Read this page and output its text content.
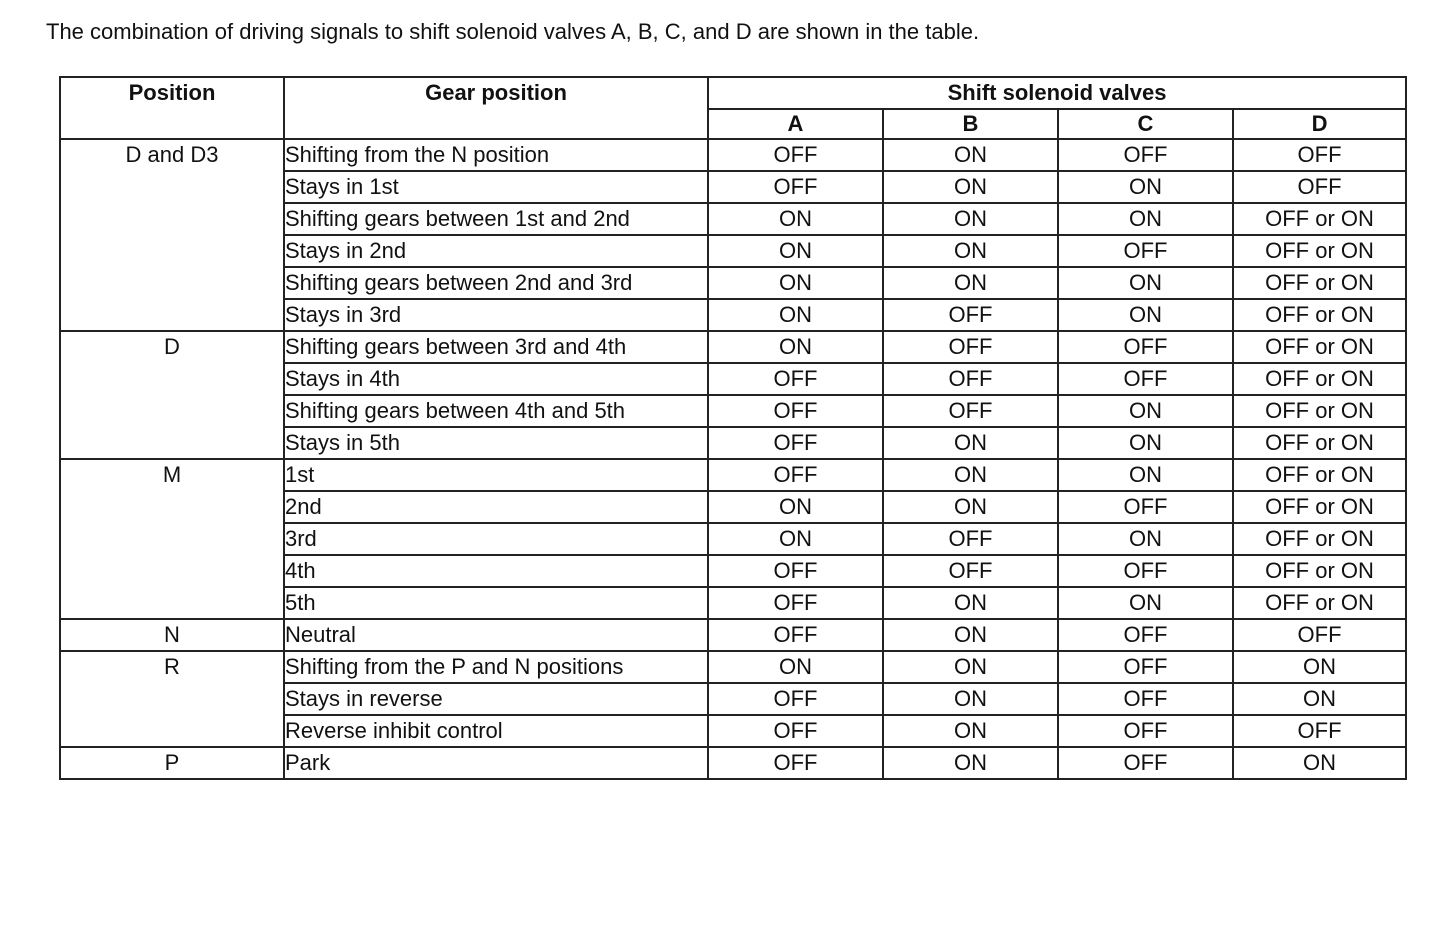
The combination of driving signals to shift solenoid valves A, B, C, and D are shown in the table.
Position	Gear position	Shift solenoid valves			
		A	B	C	D
D and D3	Shifting from the N position	OFF	ON	OFF	OFF
	Stays in 1st	OFF	ON	ON	OFF
	Shifting gears between 1st and 2nd	ON	ON	ON	OFF or ON
	Stays in 2nd	ON	ON	OFF	OFF or ON
	Shifting gears between 2nd and 3rd	ON	ON	ON	OFF or ON
	Stays in 3rd	ON	OFF	ON	OFF or ON
D	Shifting gears between 3rd and 4th	ON	OFF	OFF	OFF or ON
	Stays in 4th	OFF	OFF	OFF	OFF or ON
	Shifting gears between 4th and 5th	OFF	OFF	ON	OFF or ON
	Stays in 5th	OFF	ON	ON	OFF or ON
M	1st	OFF	ON	ON	OFF or ON
	2nd	ON	ON	OFF	OFF or ON
	3rd	ON	OFF	ON	OFF or ON
	4th	OFF	OFF	OFF	OFF or ON
	5th	OFF	ON	ON	OFF or ON
N	Neutral	OFF	ON	OFF	OFF
R	Shifting from the P and N positions	ON	ON	OFF	ON
	Stays in reverse	OFF	ON	OFF	ON
	Reverse inhibit control	OFF	ON	OFF	OFF
P	Park	OFF	ON	OFF	ON
